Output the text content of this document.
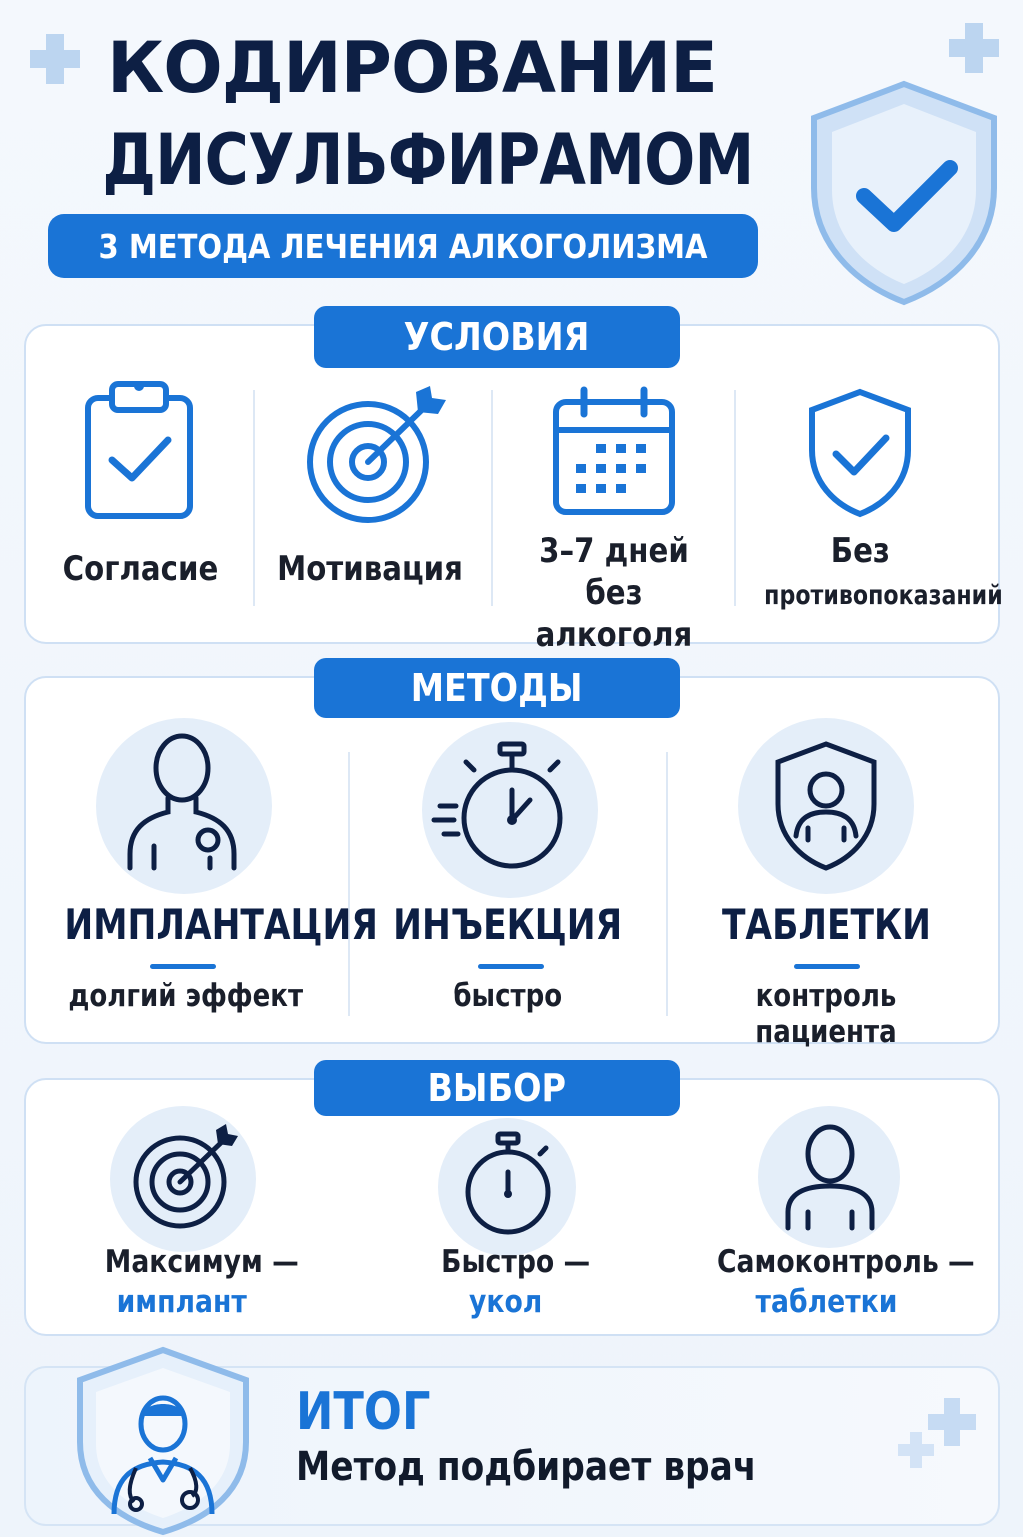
КОДИРОВАНИЕ
ДИСУЛЬФИРАМОМ
3 МЕТОДА ЛЕЧЕНИЯ АЛКОГОЛИЗМА
УСЛОВИЯ
Согласие	Мотивация	3–7 дней
без алкоголя
Без
противопоказаний
МЕТОДЫ
ИМПЛАНТАЦИЯ ИНЪЕКЦИЯ	ТАБЛЕТКИ
долгий эффект	быстро	контроль пациента
ВЫБОР
Максимум —
имплант
Быстро —
укол
Самоконтроль —
таблетки
ИТОГ
Метод подбирает врач
